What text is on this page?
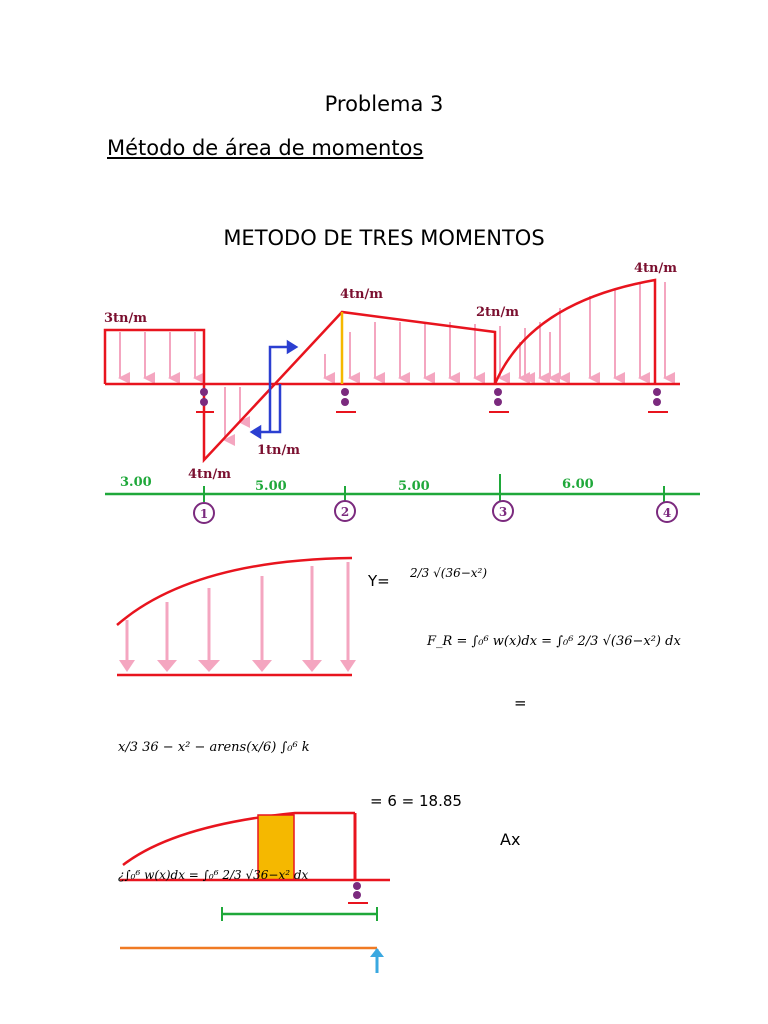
Problema 3
Método de área de momentos
METODO DE TRES MOMENTOS
3tn/m
4tn/m
2tn/m
4tn/m
1tn/m
4tn/m
3.00	5.00	5.00	6.00
1	2	3	4
Y= 2/3 √(36−x²)
F_R = ∫₀⁶ w(x)dx = ∫₀⁶ 2/3 √(36−x²) dx
=
x/3 36 − x² − arens(x/6) ∫₀⁶ k
= 6 = 18.85
Ax
¿∫₀⁶ w(x)dx = ∫₀⁶ 2/3 √36−x² dx
